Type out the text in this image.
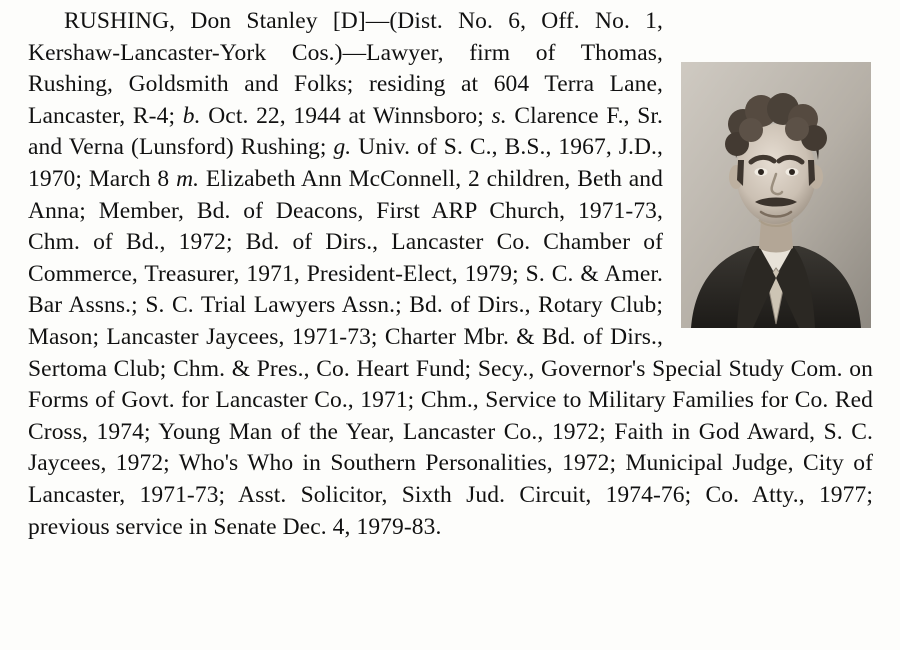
RUSHING, Don Stanley [D]—(Dist. No. 6, Off. No. 1, Kershaw-Lancaster-York Cos.)—Lawyer, firm of Thomas, Rushing, Goldsmith and Folks; residing at 604 Terra Lane, Lancaster, R-4; b. Oct. 22, 1944 at Winnsboro; s. Clarence F., Sr. and Verna (Lunsford) Rushing; g. Univ. of S. C., B.S., 1967, J.D., 1970; March 8 m. Elizabeth Ann McConnell, 2 children, Beth and Anna; Member, Bd. of Deacons, First ARP Church, 1971-73, Chm. of Bd., 1972; Bd. of Dirs., Lancaster Co. Chamber of Commerce, Treasurer, 1971, President-Elect, 1979; S. C. & Amer. Bar Assns.; S. C. Trial Lawyers Assn.; Bd. of Dirs., Rotary Club; Mason; Lancaster Jaycees, 1971-73; Charter Mbr. & Bd. of Dirs., Sertoma Club; Chm. & Pres., Co. Heart Fund; Secy., Governor's Special Study Com. on Forms of Govt. for Lancaster Co., 1971; Chm., Service to Military Families for Co. Red Cross, 1974; Young Man of the Year, Lancaster Co., 1972; Faith in God Award, S. C. Jaycees, 1972; Who's Who in Southern Personalities, 1972; Municipal Judge, City of Lancaster, 1971-73; Asst. Solicitor, Sixth Jud. Circuit, 1974-76; Co. Atty., 1977; previous service in Senate Dec. 4, 1979-83.
